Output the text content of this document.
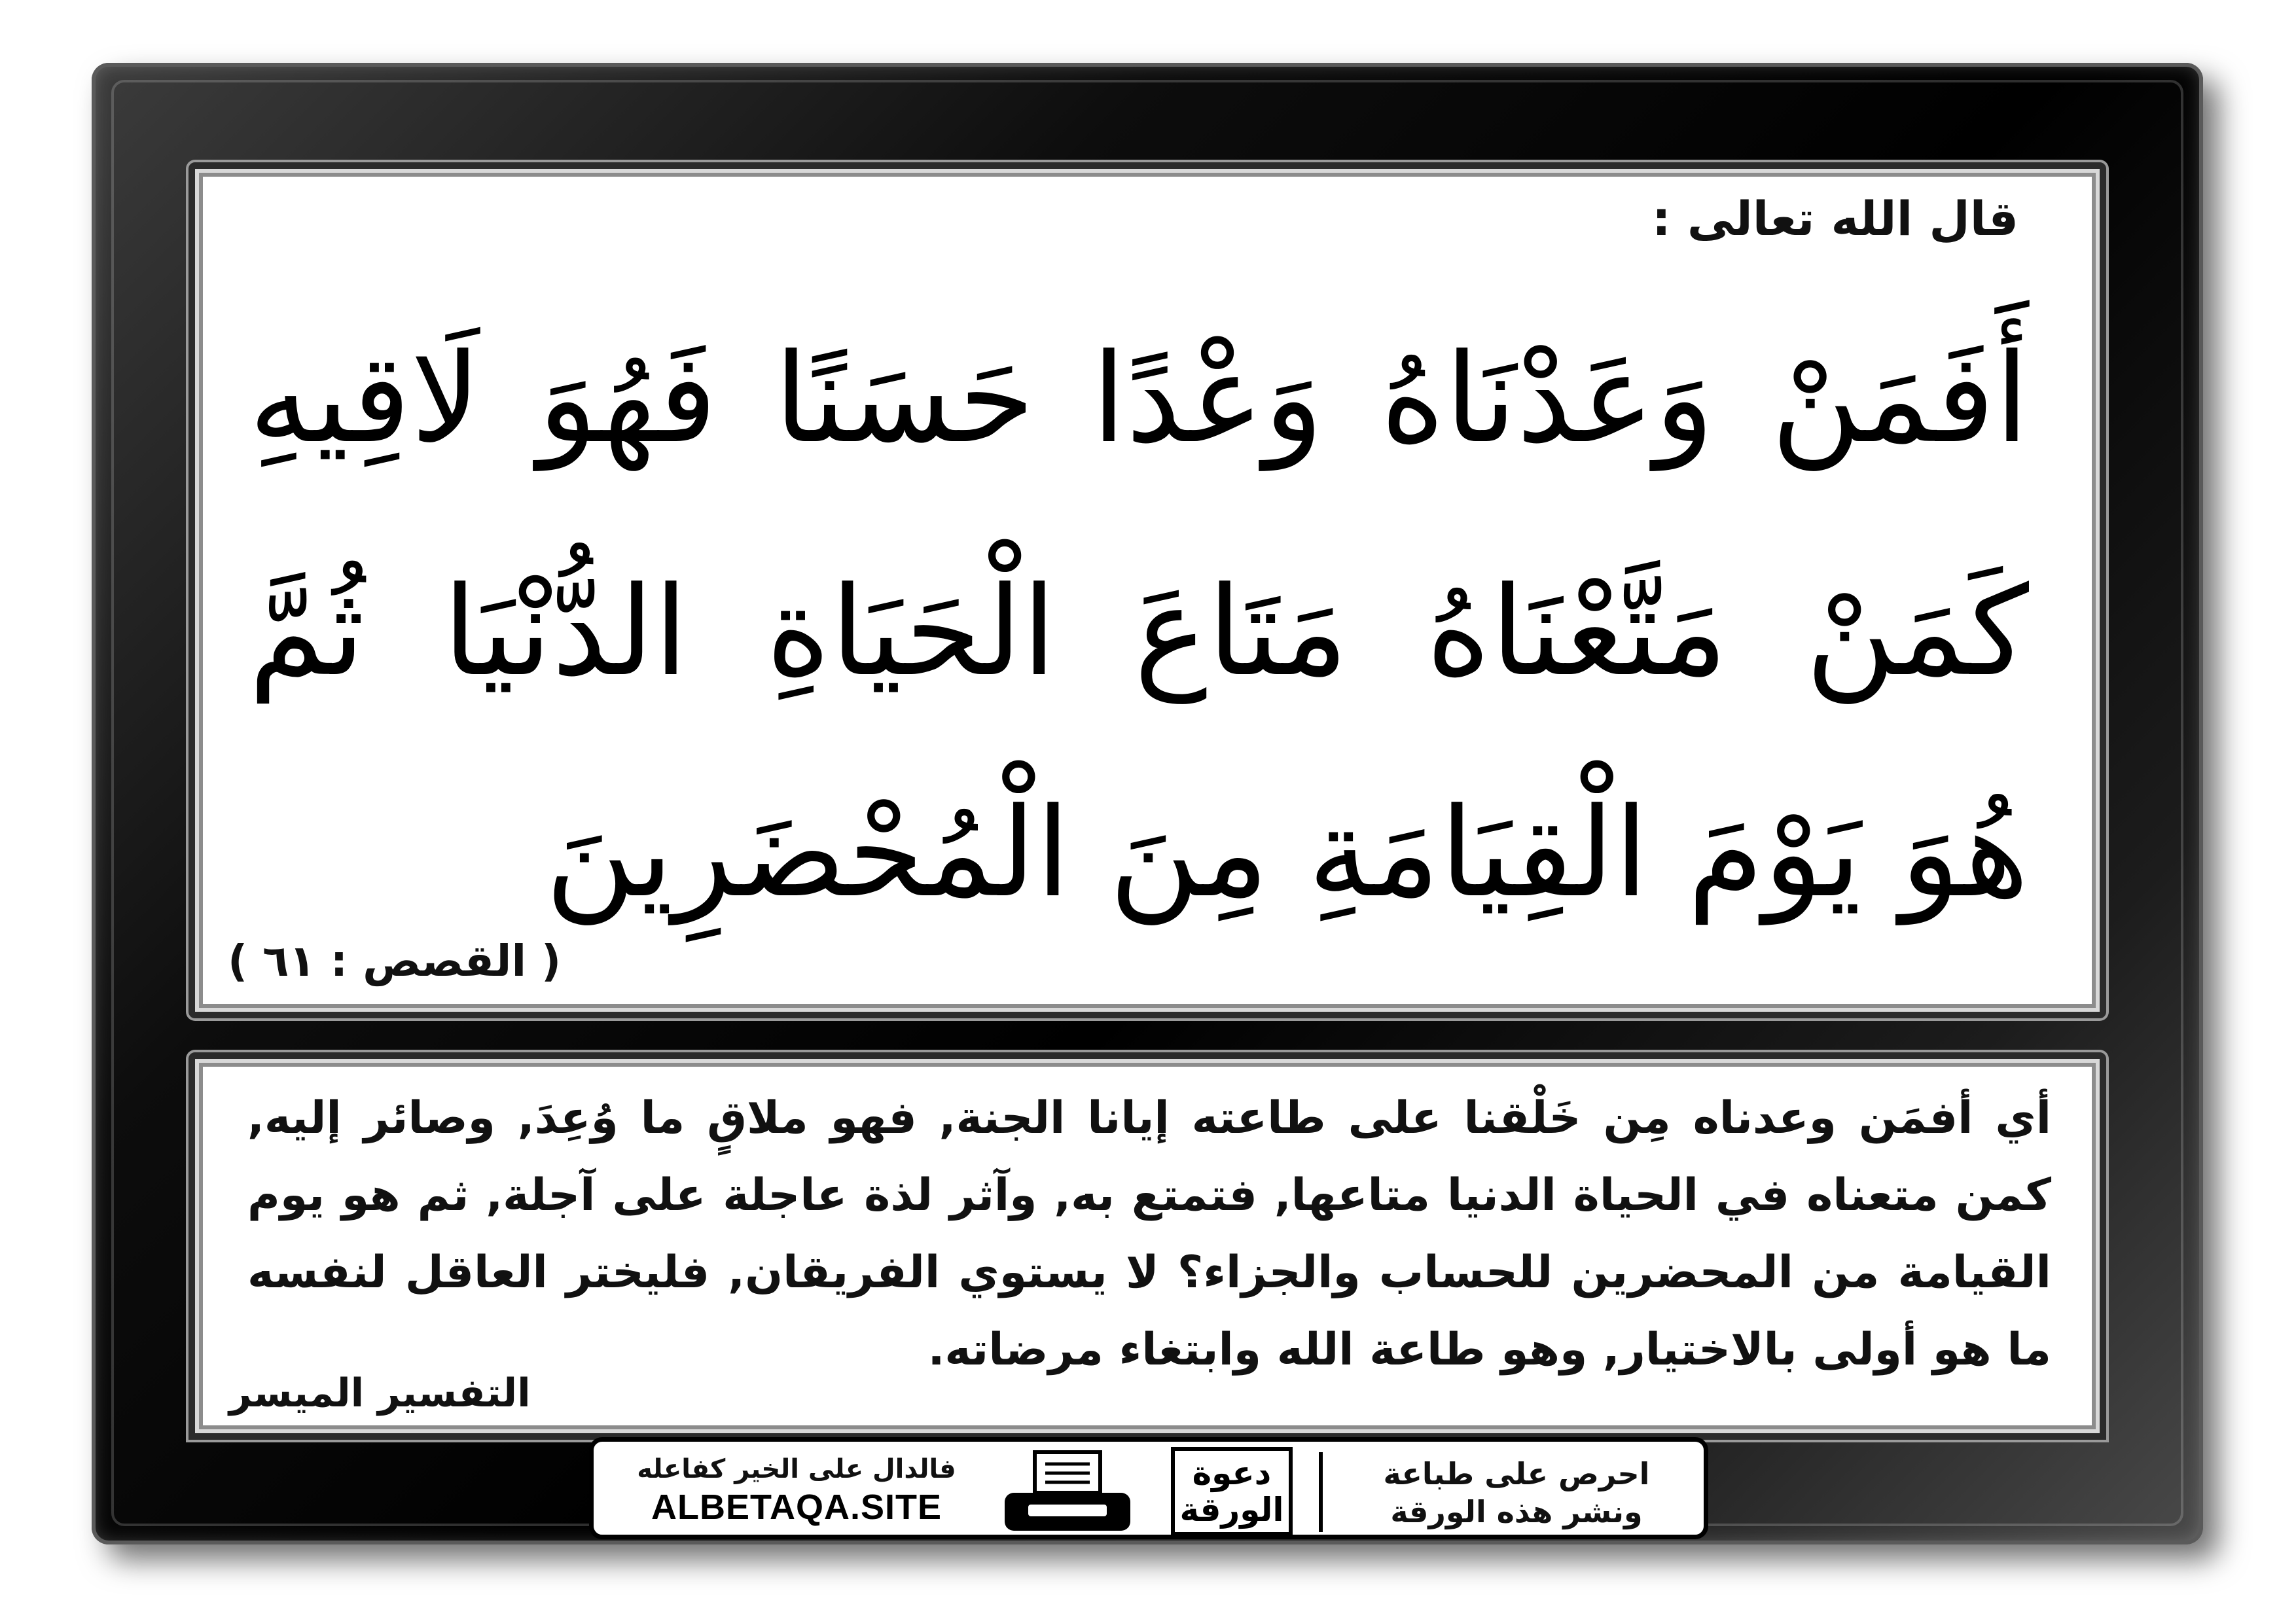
قال الله تعالى :
أَفَمَنْ وَعَدْنَاهُ وَعْدًا حَسَنًا فَهُوَ لَاقِيهِ
كَمَنْ مَتَّعْنَاهُ مَتَاعَ الْحَيَاةِ الدُّنْيَا ثُمَّ
هُوَ يَوْمَ الْقِيَامَةِ مِنَ الْمُحْضَرِينَ
( القصص : ٦١ )
أي أفمَن وعدناه مِن خَلْقنا على طاعته إيانا الجنة, فهو ملاقٍ ما وُعِدَ, وصائر إليه, كمن متعناه في الحياة الدنيا متاعها, فتمتع به, وآثر لذة عاجلة على آجلة, ثم هو يوم القيامة من المحضرين للحساب والجزاء؟ لا يستوي الفريقان, فليختر العاقل لنفسه ما هو أولى بالاختيار, وهو طاعة الله وابتغاء مرضاته.
التفسير الميسر
فالدال على الخير كفاعله
ALBETAQA.SITE
دعوة
الورقة
احرص على طباعة
ونشر هذه الورقة
